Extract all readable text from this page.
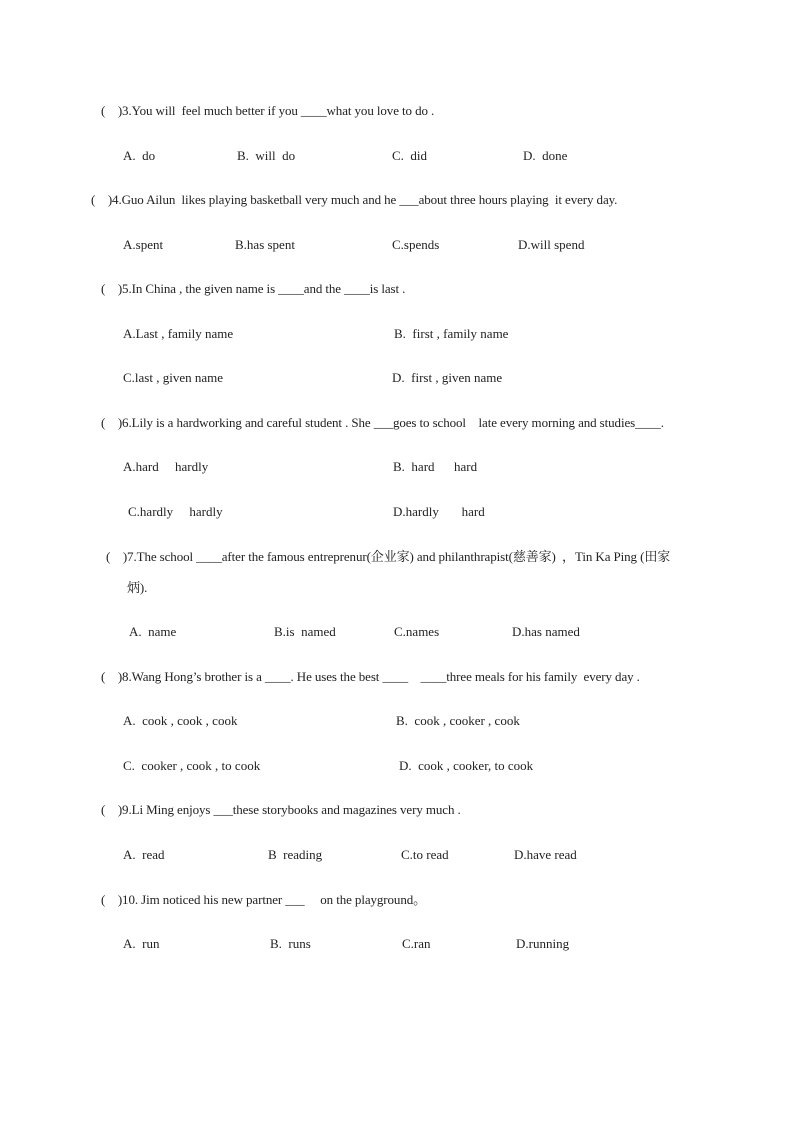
(    )3.You will  feel much better if you ____what you love to do .
A.  do	B.  will  do	C.  did	D.  done
(    )4.Guo Ailun  likes playing basketball very much and he ___about three hours playing  it every day.
A.spent	B.has spent	C.spends	D.will spend
(    )5.In China , the given name is ____and the ____is last .
A.Last , family name	B.  first , family name
C.last , given name	D.  first , given name
(    )6.Lily is a hardworking and careful student . She ___goes to school    late every morning and studies____.
A.hard     hardly	B.  hard      hard
C.hardly     hardly	D.hardly       hard
(    )7.The school ____after the famous entreprenur(企业家) and philanthrapist(慈善家)  ，Tin Ka Ping (田家
炳).
A.  name	B.is  named	C.names	D.has named
(    )8.Wang Hong’s brother is a ____. He uses the best ____    ____three meals for his family  every day .
A.  cook , cook , cook	B.  cook , cooker , cook
C.  cooker , cook , to cook	D.  cook , cooker, to cook
(    )9.Li Ming enjoys ___these storybooks and magazines very much .
A.  read	B  reading	C.to read	D.have read
(    )10. Jim noticed his new partner ___     on the playground。
A.  run	B.  runs	C.ran	D.running
